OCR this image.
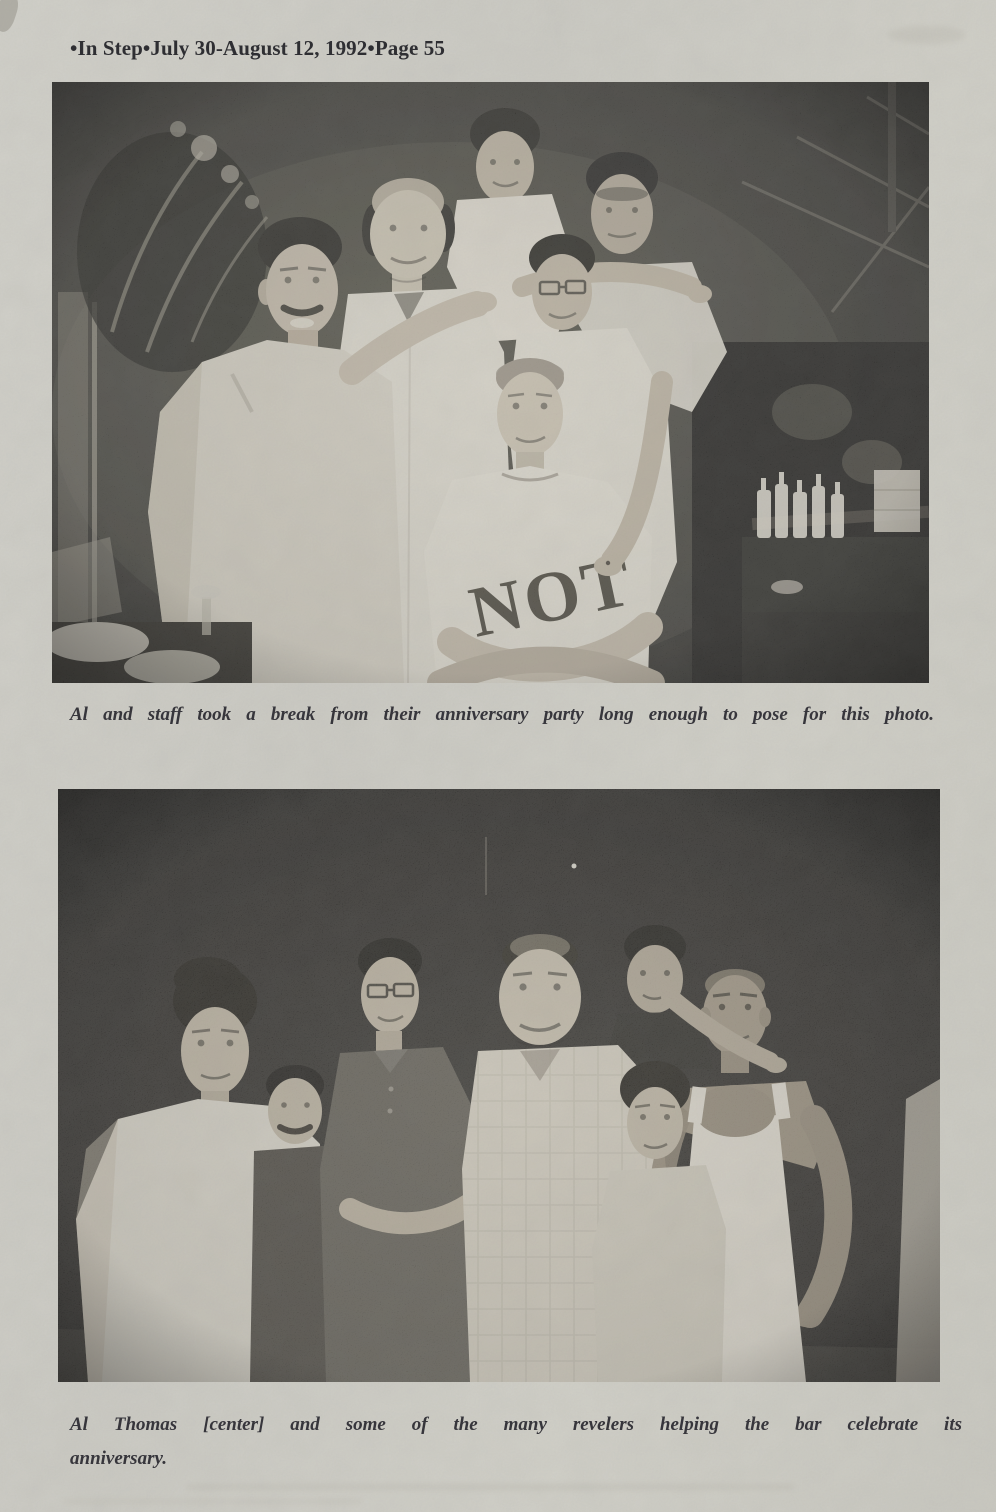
•In Step•July 30-August 12, 1992•Page 55

Al and staff took a break from their anniversary party long enough to pose for this photo.

Al Thomas [center] and some of the many revelers helping the bar celebrate its
anniversary.
